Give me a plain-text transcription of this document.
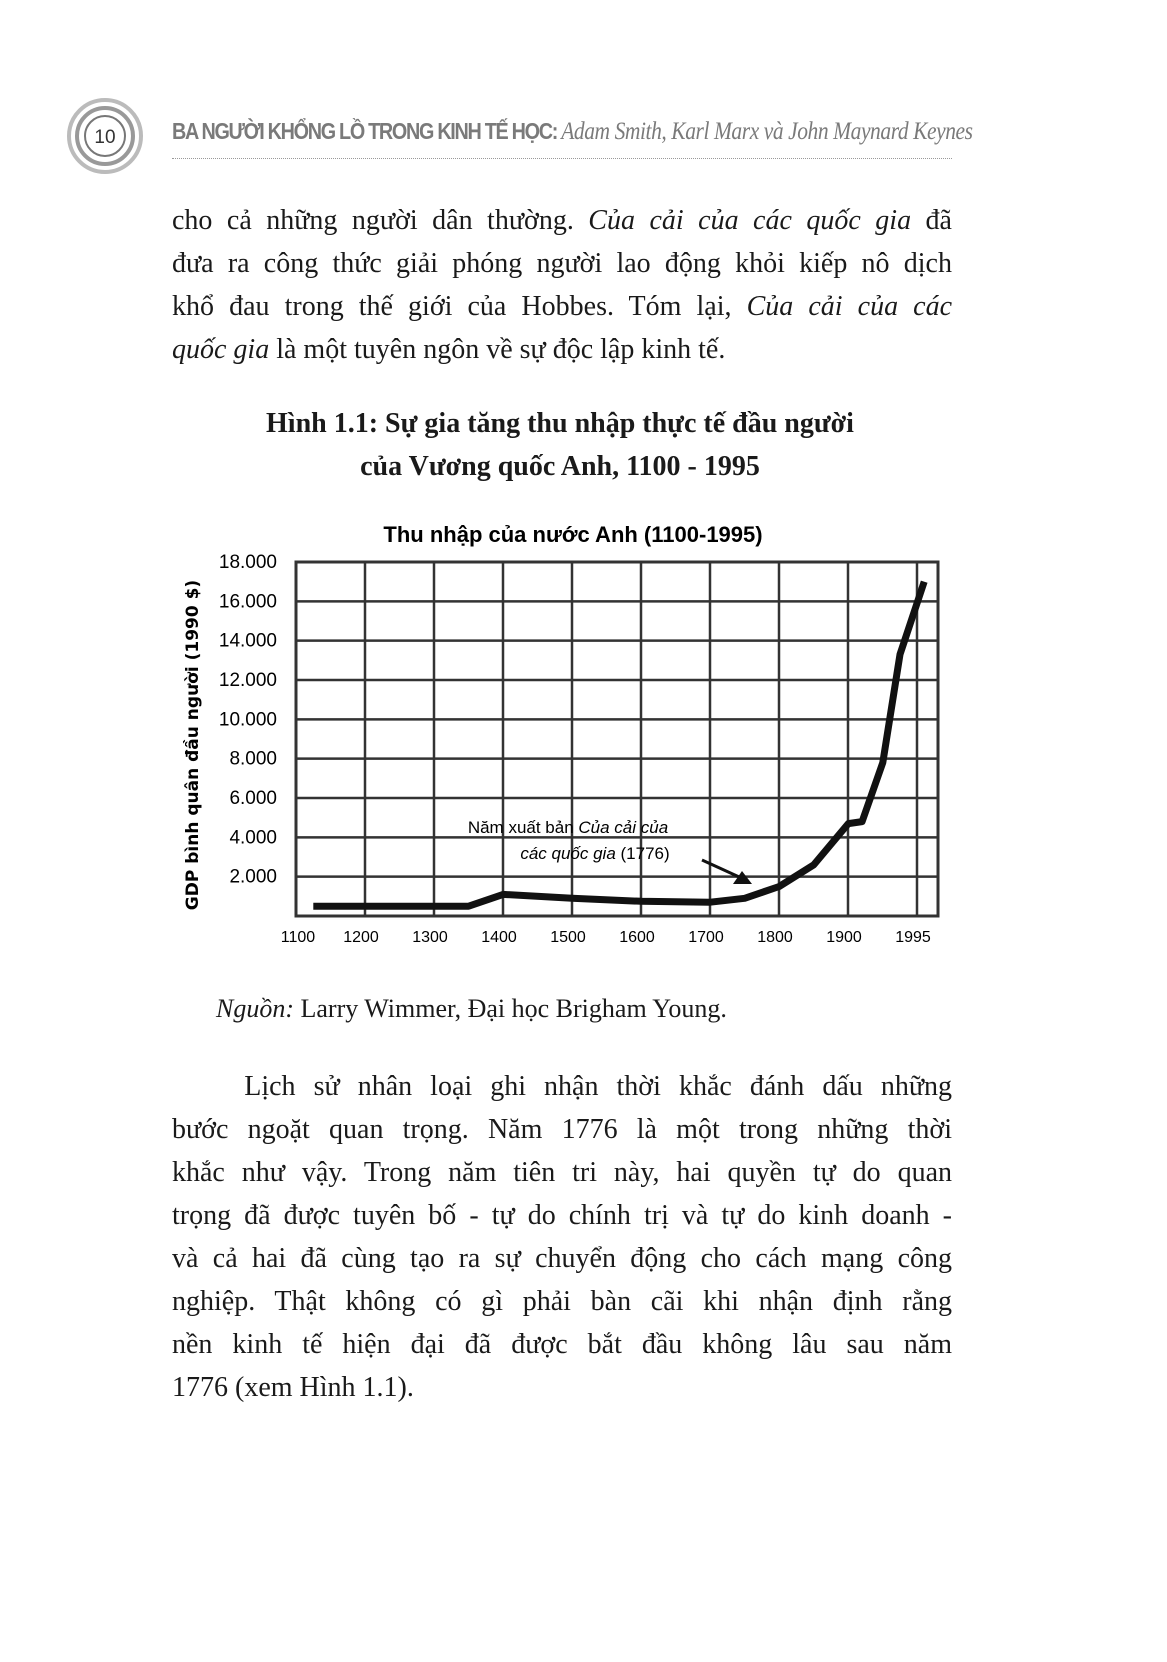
10 BA NGƯỜI KHỔNG LỒ TRONG KINH TẾ HỌC: Adam Smith, Karl Marx và John Maynard Keynes
cho cả những người dân thường. Của cải của các quốc gia đã
đưa ra công thức giải phóng người lao động khỏi kiếp nô dịch
khổ đau trong thế giới của Hobbes. Tóm lại, Của cải của các
quốc gia là một tuyên ngôn về sự độc lập kinh tế.
Hình 1.1: Sự gia tăng thu nhập thực tế đầu người
của Vương quốc Anh, 1100 - 1995
Thu nhập của nước Anh (1100-1995)
GDP bình quân đầu người (1990 $)
1100 1200 1300 1400 1500 1600 1700 1800 1900 1995
2.000
4.000
6.000
8.000
10.000
12.000
14.000
16.000
18.000
Năm xuất bản Của cải của
các quốc gia (1776)
Nguồn: Larry Wimmer, Đại học Brigham Young.
Lịch sử nhân loại ghi nhận thời khắc đánh dấu những
bước ngoặt quan trọng. Năm 1776 là một trong những thời
khắc như vậy. Trong năm tiên tri này, hai quyền tự do quan
trọng đã được tuyên bố - tự do chính trị và tự do kinh doanh -
và cả hai đã cùng tạo ra sự chuyển động cho cách mạng công
nghiệp. Thật không có gì phải bàn cãi khi nhận định rằng
nền kinh tế hiện đại đã được bắt đầu không lâu sau năm
1776 (xem Hình 1.1).
